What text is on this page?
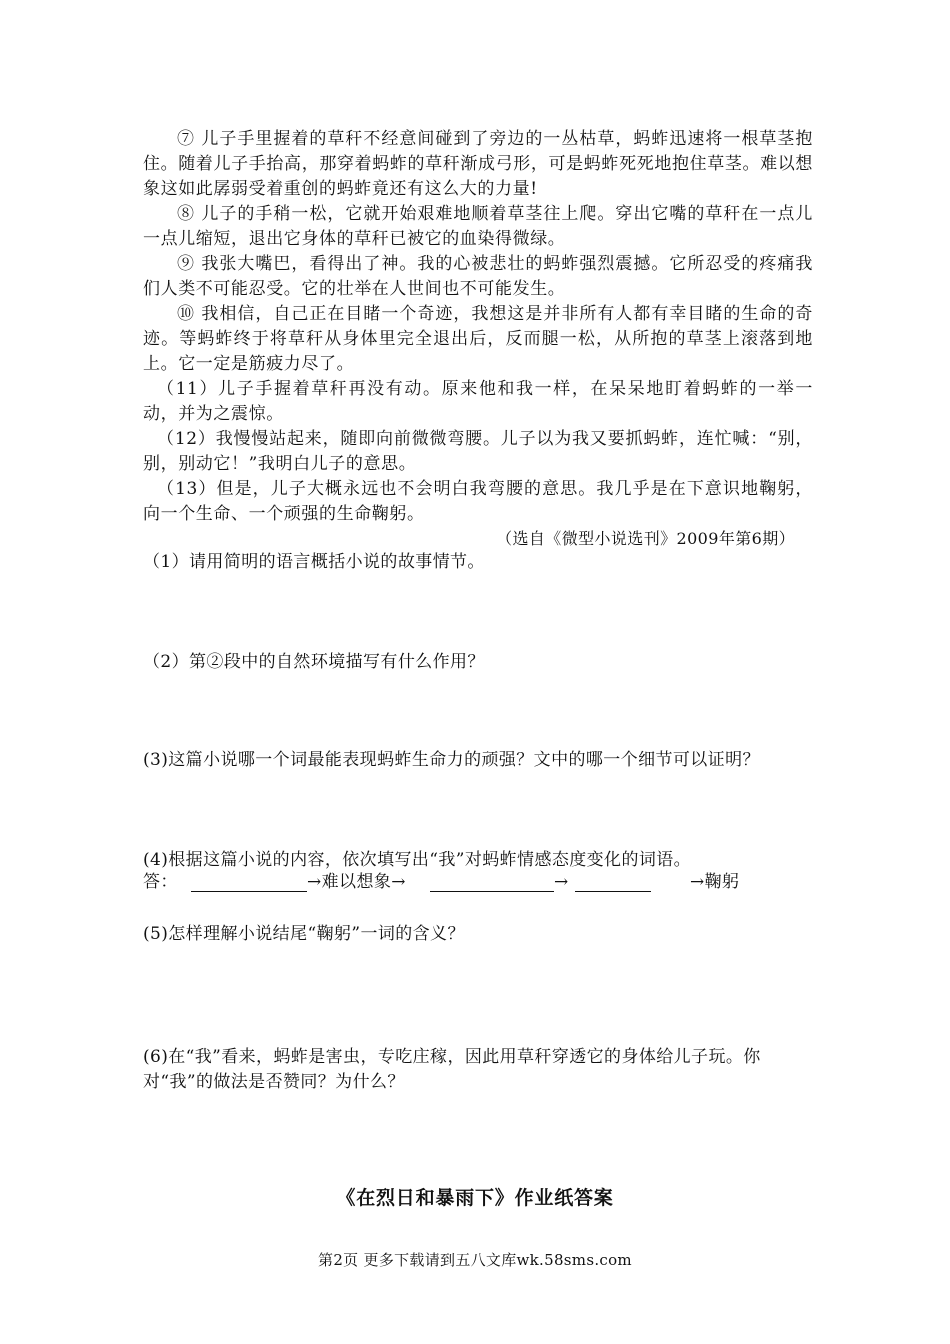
⑦ 儿子手里握着的草秆不经意间碰到了旁边的一丛枯草，蚂蚱迅速将一根草茎抱住。随着儿子手抬高，那穿着蚂蚱的草秆渐成弓形，可是蚂蚱死死地抱住草茎。难以想象这如此孱弱受着重创的蚂蚱竟还有这么大的力量!
⑧ 儿子的手稍一松，它就开始艰难地顺着草茎往上爬。穿出它嘴的草秆在一点儿一点儿缩短，退出它身体的草秆已被它的血染得微绿。
⑨ 我张大嘴巴，看得出了神。我的心被悲壮的蚂蚱强烈震撼。它所忍受的疼痛我们人类不可能忍受。它的壮举在人世间也不可能发生。
⑩ 我相信，自己正在目睹一个奇迹，我想这是并非所有人都有幸目睹的生命的奇迹。等蚂蚱终于将草秆从身体里完全退出后，反而腿一松，从所抱的草茎上滚落到地上。它一定是筋疲力尽了。
（11）儿子手握着草秆再没有动。原来他和我一样，在呆呆地盯着蚂蚱的一举一动，并为之震惊。
（12）我慢慢站起来，随即向前微微弯腰。儿子以为我又要抓蚂蚱，连忙喊：“别，别，别动它！”我明白儿子的意思。
（13）但是，儿子大概永远也不会明白我弯腰的意思。我几乎是在下意识地鞠躬，向一个生命、一个顽强的生命鞠躬。
（选自《微型小说选刊》2009年第6期）
（1）请用简明的语言概括小说的故事情节。
（2）第②段中的自然环境描写有什么作用？
(3)这篇小说哪一个词最能表现蚂蚱生命力的顽强？文中的哪一个细节可以证明？
(4)根据这篇小说的内容，依次填写出“我”对蚂蚱情感态度变化的词语。
答：	→难以想象→	→	→鞠躬
(5)怎样理解小说结尾“鞠躬”一词的含义？
(6)在“我”看来，蚂蚱是害虫，专吃庄稼，因此用草秆穿透它的身体给儿子玩。你对“我”的做法是否赞同？为什么？
《在烈日和暴雨下》作业纸答案
第2页 更多下载请到五八文库wk.58sms.com
